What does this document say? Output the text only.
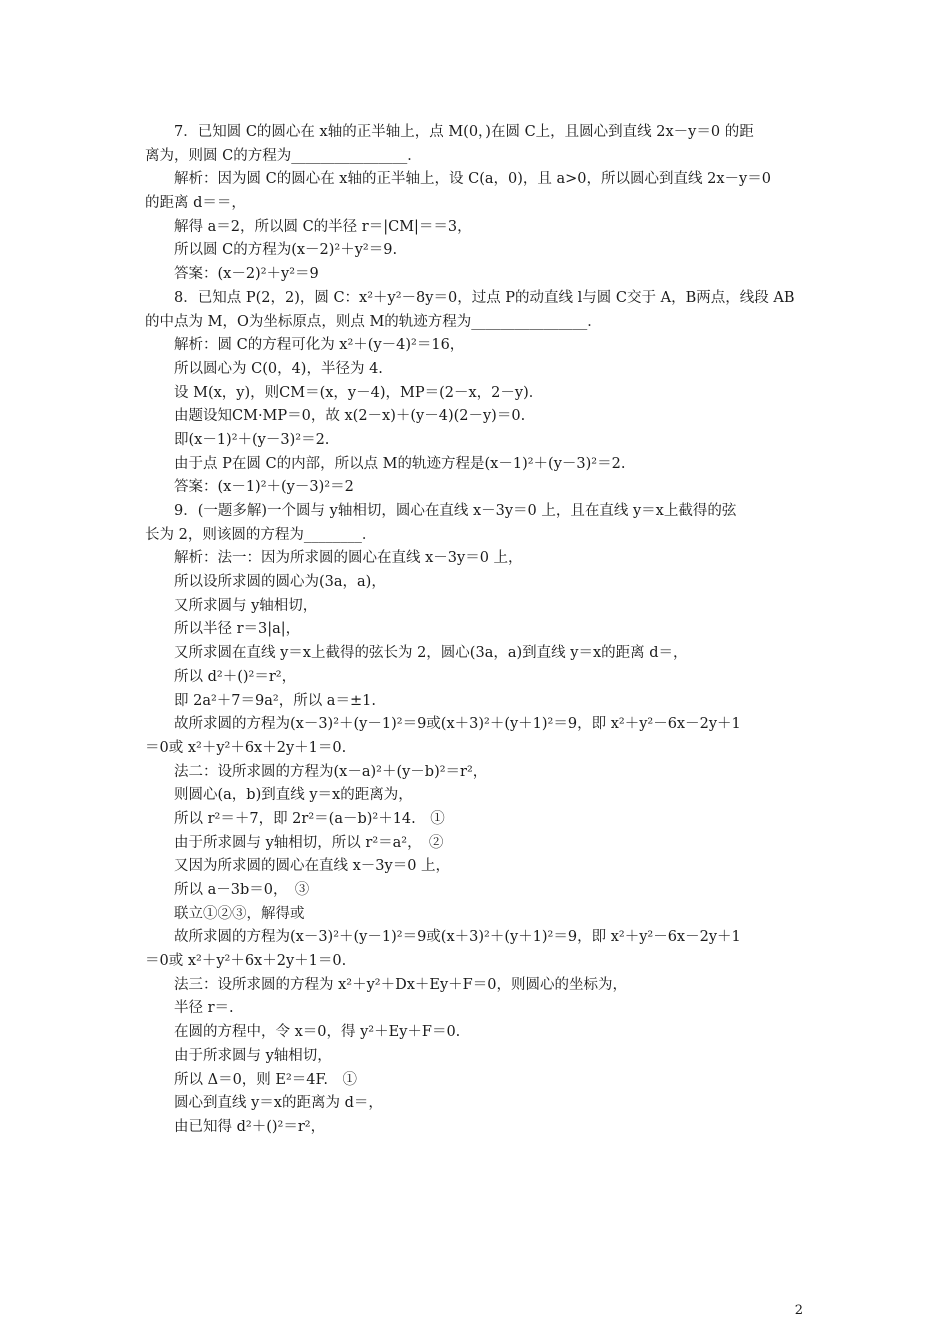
7．已知圆 C的圆心在 x轴的正半轴上，点 M(0，)在圆 C上，且圆心到直线 2x－y＝0 的距
离为，则圆 C的方程为________________．
解析：因为圆 C的圆心在 x轴的正半轴上，设 C(a，0)，且 a>0，所以圆心到直线 2x－y＝0
的距离 d＝＝，
解得 a＝2，所以圆 C的半径 r＝|CM|＝＝3，
所以圆 C的方程为(x－2)²＋y²＝9.
答案：(x－2)²＋y²＝9
8．已知点 P(2，2)，圆 C：x²＋y²－8y＝0，过点 P的动直线 l与圆 C交于 A，B两点，线段 AB
的中点为 M，O为坐标原点，则点 M的轨迹方程为________________．
解析：圆 C的方程可化为 x²＋(y－4)²＝16，
所以圆心为 C(0，4)，半径为 4.
设 M(x，y)，则CM＝(x，y－4)，MP＝(2－x，2－y)．
由题设知CM·MP＝0，故 x(2－x)＋(y－4)(2－y)＝0.
即(x－1)²＋(y－3)²＝2.
由于点 P在圆 C的内部，所以点 M的轨迹方程是(x－1)²＋(y－3)²＝2.
答案：(x－1)²＋(y－3)²＝2
9．(一题多解)一个圆与 y轴相切，圆心在直线 x－3y＝0 上，且在直线 y＝x上截得的弦
长为 2，则该圆的方程为________．
解析：法一：因为所求圆的圆心在直线 x－3y＝0 上，
所以设所求圆的圆心为(3a，a)，
又所求圆与 y轴相切，
所以半径 r＝3|a|，
又所求圆在直线 y＝x上截得的弦长为 2，圆心(3a，a)到直线 y＝x的距离 d＝，
所以 d²＋()²＝r²，
即 2a²＋7＝9a²，所以 a＝±1.
故所求圆的方程为(x－3)²＋(y－1)²＝9或(x＋3)²＋(y＋1)²＝9，即 x²＋y²－6x－2y＋1
＝0或 x²＋y²＋6x＋2y＋1＝0.
法二：设所求圆的方程为(x－a)²＋(y－b)²＝r²，
则圆心(a，b)到直线 y＝x的距离为，
所以 r²＝＋7，即 2r²＝(a－b)²＋14.　①
由于所求圆与 y轴相切，所以 r²＝a²，　②
又因为所求圆的圆心在直线 x－3y＝0 上，
所以 a－3b＝0，　③
联立①②③，解得或
故所求圆的方程为(x－3)²＋(y－1)²＝9或(x＋3)²＋(y＋1)²＝9，即 x²＋y²－6x－2y＋1
＝0或 x²＋y²＋6x＋2y＋1＝0.
法三：设所求圆的方程为 x²＋y²＋Dx＋Ey＋F＝0，则圆心的坐标为，
半径 r＝.
在圆的方程中，令 x＝0，得 y²＋Ey＋F＝0.
由于所求圆与 y轴相切，
所以 Δ＝0，则 E²＝4F.　①
圆心到直线 y＝x的距离为 d＝，
由已知得 d²＋()²＝r²，
2
